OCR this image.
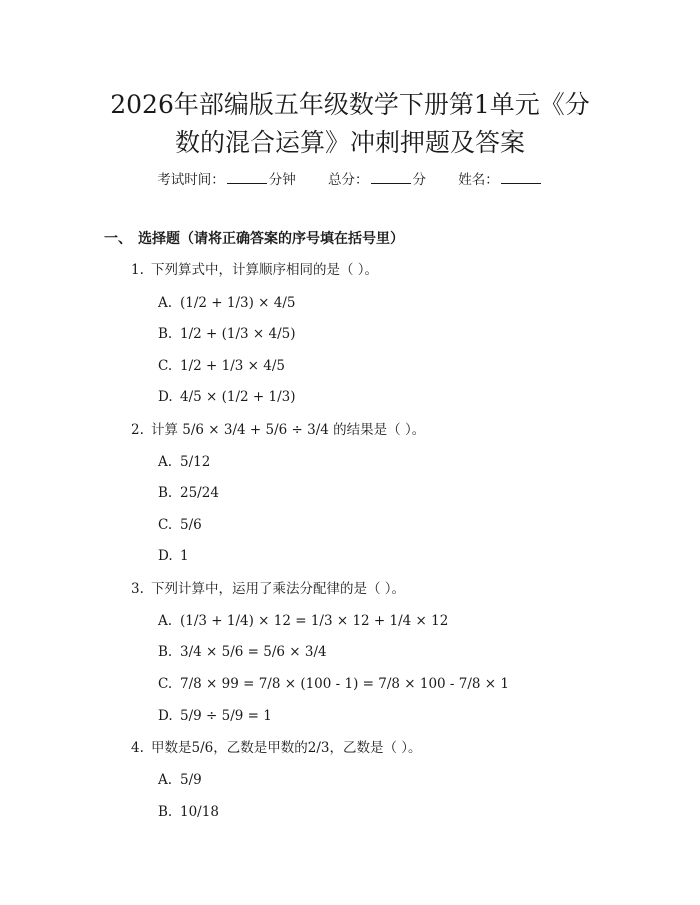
2026年部编版五年级数学下册第1单元《分
数的混合运算》冲刺押题及答案
考试时间：	分钟 总分：	分 姓名：
一、 选择题（请将正确答案的序号填在括号里）
1. 下列算式中，计算顺序相同的是（ ）。
A. (1/2 + 1/3) × 4/5
B. 1/2 + (1/3 × 4/5)
C. 1/2 + 1/3 × 4/5
D. 4/5 × (1/2 + 1/3)
2. 计算 5/6 × 3/4 + 5/6 ÷ 3/4 的结果是（ ）。
A. 5/12
B. 25/24
C. 5/6
D. 1
3. 下列计算中，运用了乘法分配律的是（ ）。
A. (1/3 + 1/4) × 12 = 1/3 × 12 + 1/4 × 12
B. 3/4 × 5/6 = 5/6 × 3/4
C. 7/8 × 99 = 7/8 × (100 - 1) = 7/8 × 100 - 7/8 × 1
D. 5/9 ÷ 5/9 = 1
4. 甲数是5/6，乙数是甲数的2/3，乙数是（ ）。
A. 5/9
B. 10/18
